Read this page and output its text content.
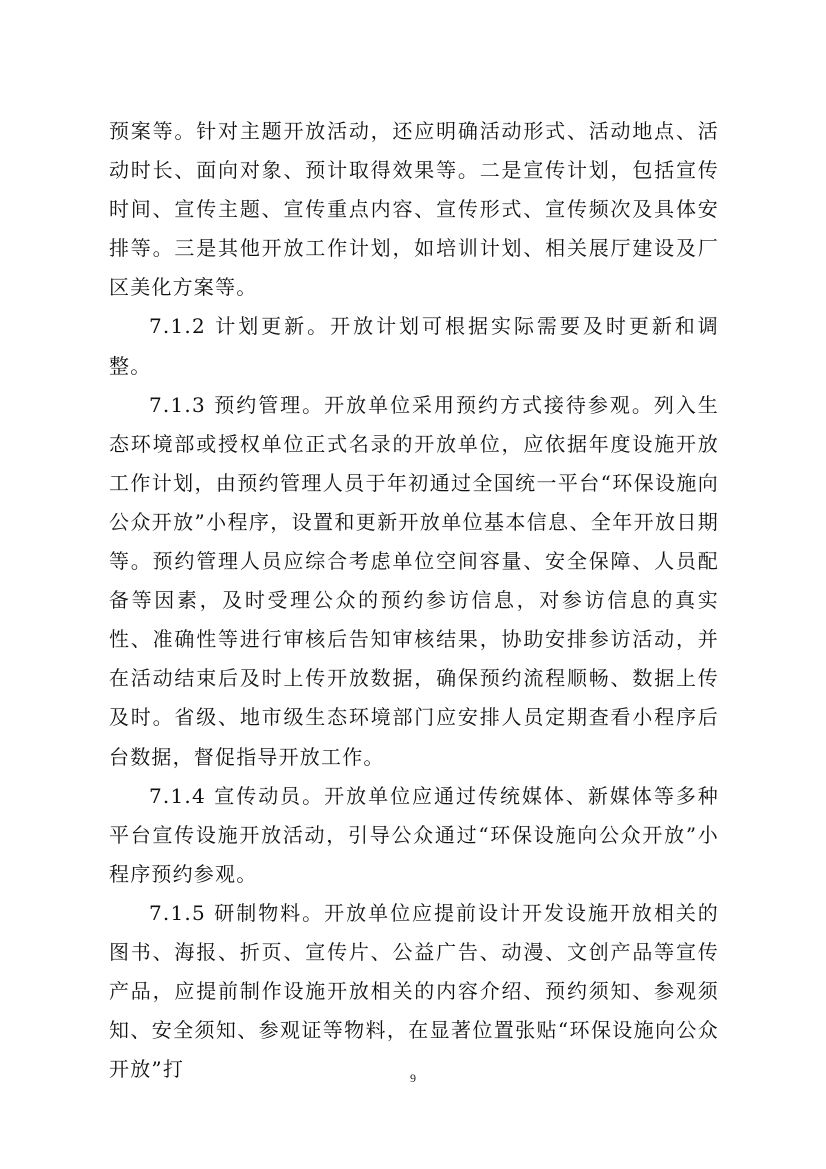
预案等。针对主题开放活动，还应明确活动形式、活动地点、活动时长、面向对象、预计取得效果等。二是宣传计划，包括宣传时间、宣传主题、宣传重点内容、宣传形式、宣传频次及具体安排等。三是其他开放工作计划，如培训计划、相关展厅建设及厂区美化方案等。

7.1.2 计划更新。开放计划可根据实际需要及时更新和调整。

7.1.3 预约管理。开放单位采用预约方式接待参观。列入生态环境部或授权单位正式名录的开放单位，应依据年度设施开放工作计划，由预约管理人员于年初通过全国统一平台“环保设施向公众开放”小程序，设置和更新开放单位基本信息、全年开放日期等。预约管理人员应综合考虑单位空间容量、安全保障、人员配备等因素，及时受理公众的预约参访信息，对参访信息的真实性、准确性等进行审核后告知审核结果，协助安排参访活动，并在活动结束后及时上传开放数据，确保预约流程顺畅、数据上传及时。省级、地市级生态环境部门应安排人员定期查看小程序后台数据，督促指导开放工作。

7.1.4 宣传动员。开放单位应通过传统媒体、新媒体等多种平台宣传设施开放活动，引导公众通过“环保设施向公众开放”小程序预约参观。

7.1.5 研制物料。开放单位应提前设计开发设施开放相关的图书、海报、折页、宣传片、公益广告、动漫、文创产品等宣传产品，应提前制作设施开放相关的内容介绍、预约须知、参观须知、安全须知、参观证等物料，在显著位置张贴“环保设施向公众开放”打	9
